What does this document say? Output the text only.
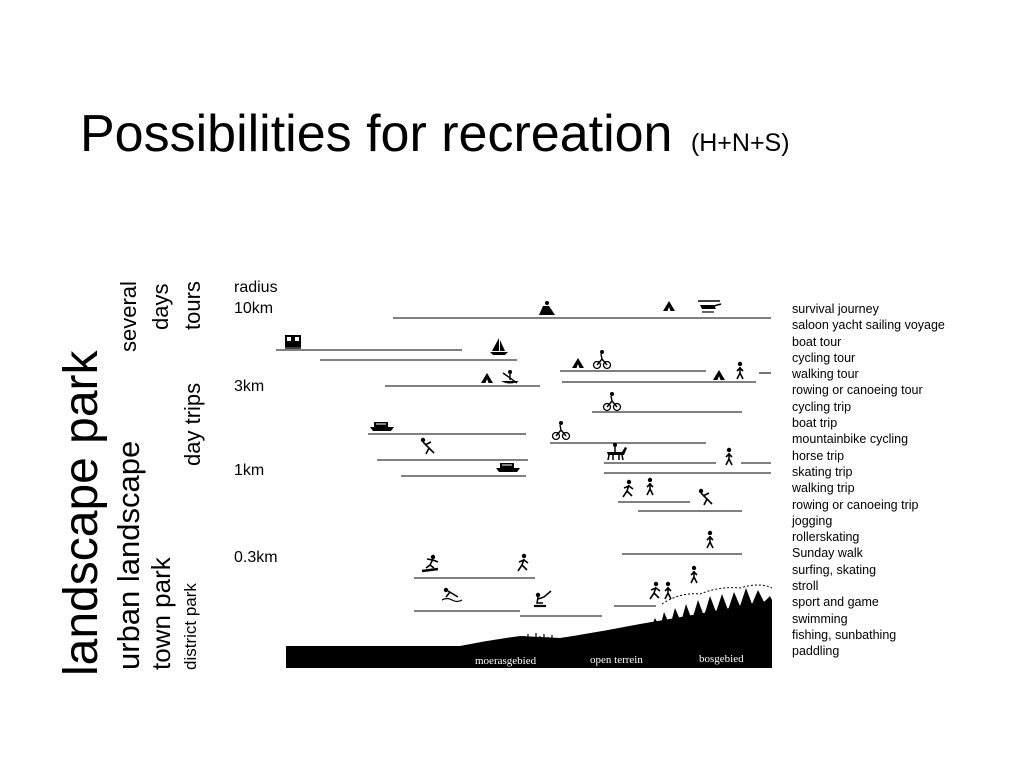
Possibilities for recreation (H+N+S)
landscape park urban landscape town park district park
several days tours
day trips
radius
10km
3km
1km
0.3km
survival journey
saloon yacht sailing voyage
boat tour
cycling tour
walking tour
rowing or canoeing tour
cycling trip
boat trip
mountainbike cycling
horse trip
skating trip
walking trip
rowing or canoeing trip
jogging
rollerskating
Sunday walk
surfing, skating
stroll
sport and game
swimming
fishing, sunbathing
paddling
moerasgebied	open terrein	bosgebied
